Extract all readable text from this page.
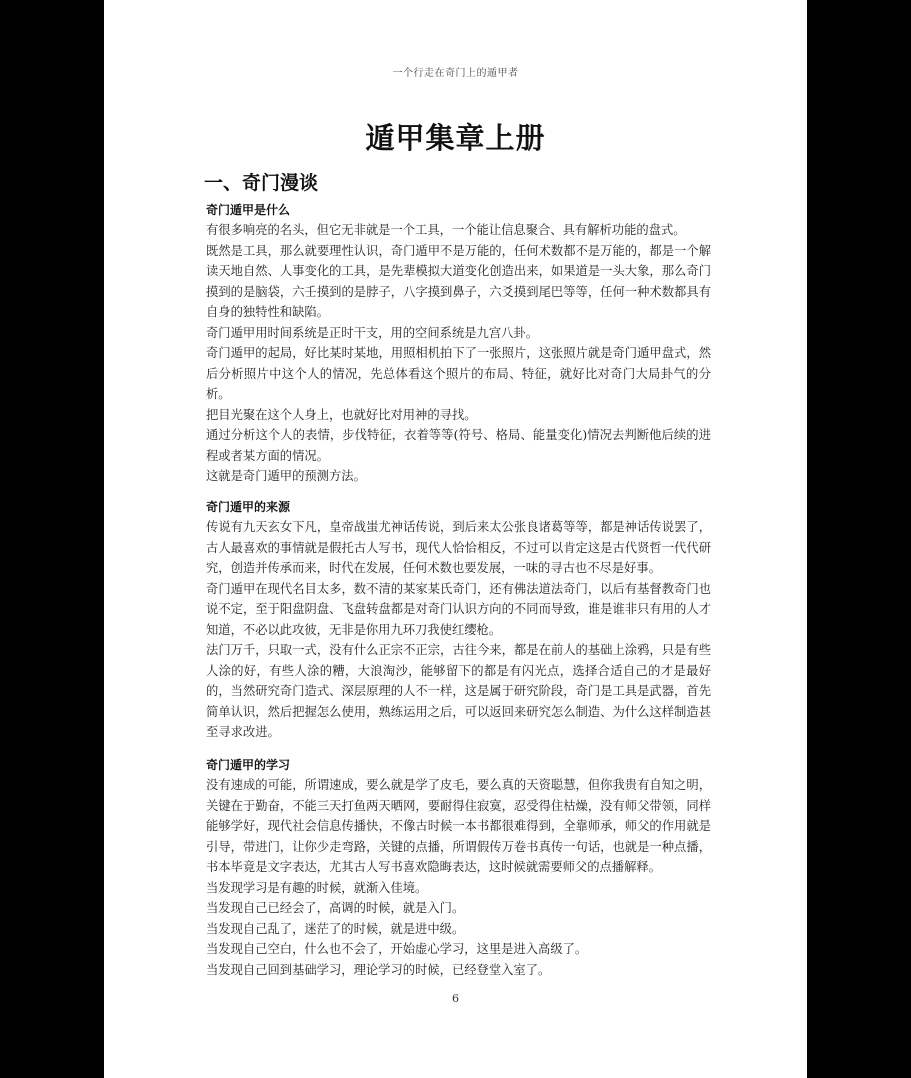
一个行走在奇门上的遁甲者
遁甲集章上册
一、奇门漫谈
奇门遁甲是什么

有很多响亮的名头，但它无非就是一个工具，一个能让信息聚合、具有解析功能的盘式。

既然是工具，那么就要理性认识，奇门遁甲不是万能的，任何术数都不是万能的，都是一个解读天地自然、人事变化的工具，是先辈模拟大道变化创造出来，如果道是一头大象，那么奇门摸到的是脑袋，六壬摸到的是脖子，八字摸到鼻子，六爻摸到尾巴等等，任何一种术数都具有自身的独特性和缺陷。

奇门遁甲用时间系统是正时干支，用的空间系统是九宫八卦。

奇门遁甲的起局，好比某时某地，用照相机拍下了一张照片，这张照片就是奇门遁甲盘式，然后分析照片中这个人的情况，先总体看这个照片的布局、特征，就好比对奇门大局卦气的分析。

把目光聚在这个人身上，也就好比对用神的寻找。

通过分析这个人的表情，步伐特征，衣着等等(符号、格局、能量变化)情况去判断他后续的进程或者某方面的情况。

这就是奇门遁甲的预测方法。

奇门遁甲的来源

传说有九天玄女下凡，皇帝战蚩尤神话传说，到后来太公张良诸葛等等，都是神话传说罢了，古人最喜欢的事情就是假托古人写书，现代人恰恰相反，不过可以肯定这是古代贤哲一代代研究，创造并传承而来，时代在发展，任何术数也要发展，一味的寻古也不尽是好事。

奇门遁甲在现代名目太多，数不清的某家某氏奇门，还有佛法道法奇门，以后有基督教奇门也说不定，至于阳盘阴盘、飞盘转盘都是对奇门认识方向的不同而导致，谁是谁非只有用的人才知道，不必以此攻彼，无非是你用九环刀我使红缨枪。

法门万千，只取一式，没有什么正宗不正宗，古往今来，都是在前人的基础上涂鸦，只是有些人涂的好，有些人涂的糟，大浪淘沙，能够留下的都是有闪光点，选择合适自己的才是最好的，当然研究奇门造式、深层原理的人不一样，这是属于研究阶段，奇门是工具是武器，首先简单认识，然后把握怎么使用，熟练运用之后，可以返回来研究怎么制造、为什么这样制造甚至寻求改进。

奇门遁甲的学习

没有速成的可能，所谓速成，要么就是学了皮毛，要么真的天资聪慧，但你我贵有自知之明，关键在于勤奋，不能三天打鱼两天晒网，要耐得住寂寞，忍受得住枯燥，没有师父带领，同样能够学好，现代社会信息传播快，不像古时候一本书都很难得到，全靠师承，师父的作用就是引导，带进门，让你少走弯路，关键的点播，所谓假传万卷书真传一句话，也就是一种点播，书本毕竟是文字表达，尤其古人写书喜欢隐晦表达，这时候就需要师父的点播解释。

当发现学习是有趣的时候，就渐入佳境。

当发现自己已经会了，高调的时候，就是入门。

当发现自己乱了，迷茫了的时候，就是进中级。

当发现自己空白，什么也不会了，开始虚心学习，这里是进入高级了。

当发现自己回到基础学习，理论学习的时候，已经登堂入室了。

6
